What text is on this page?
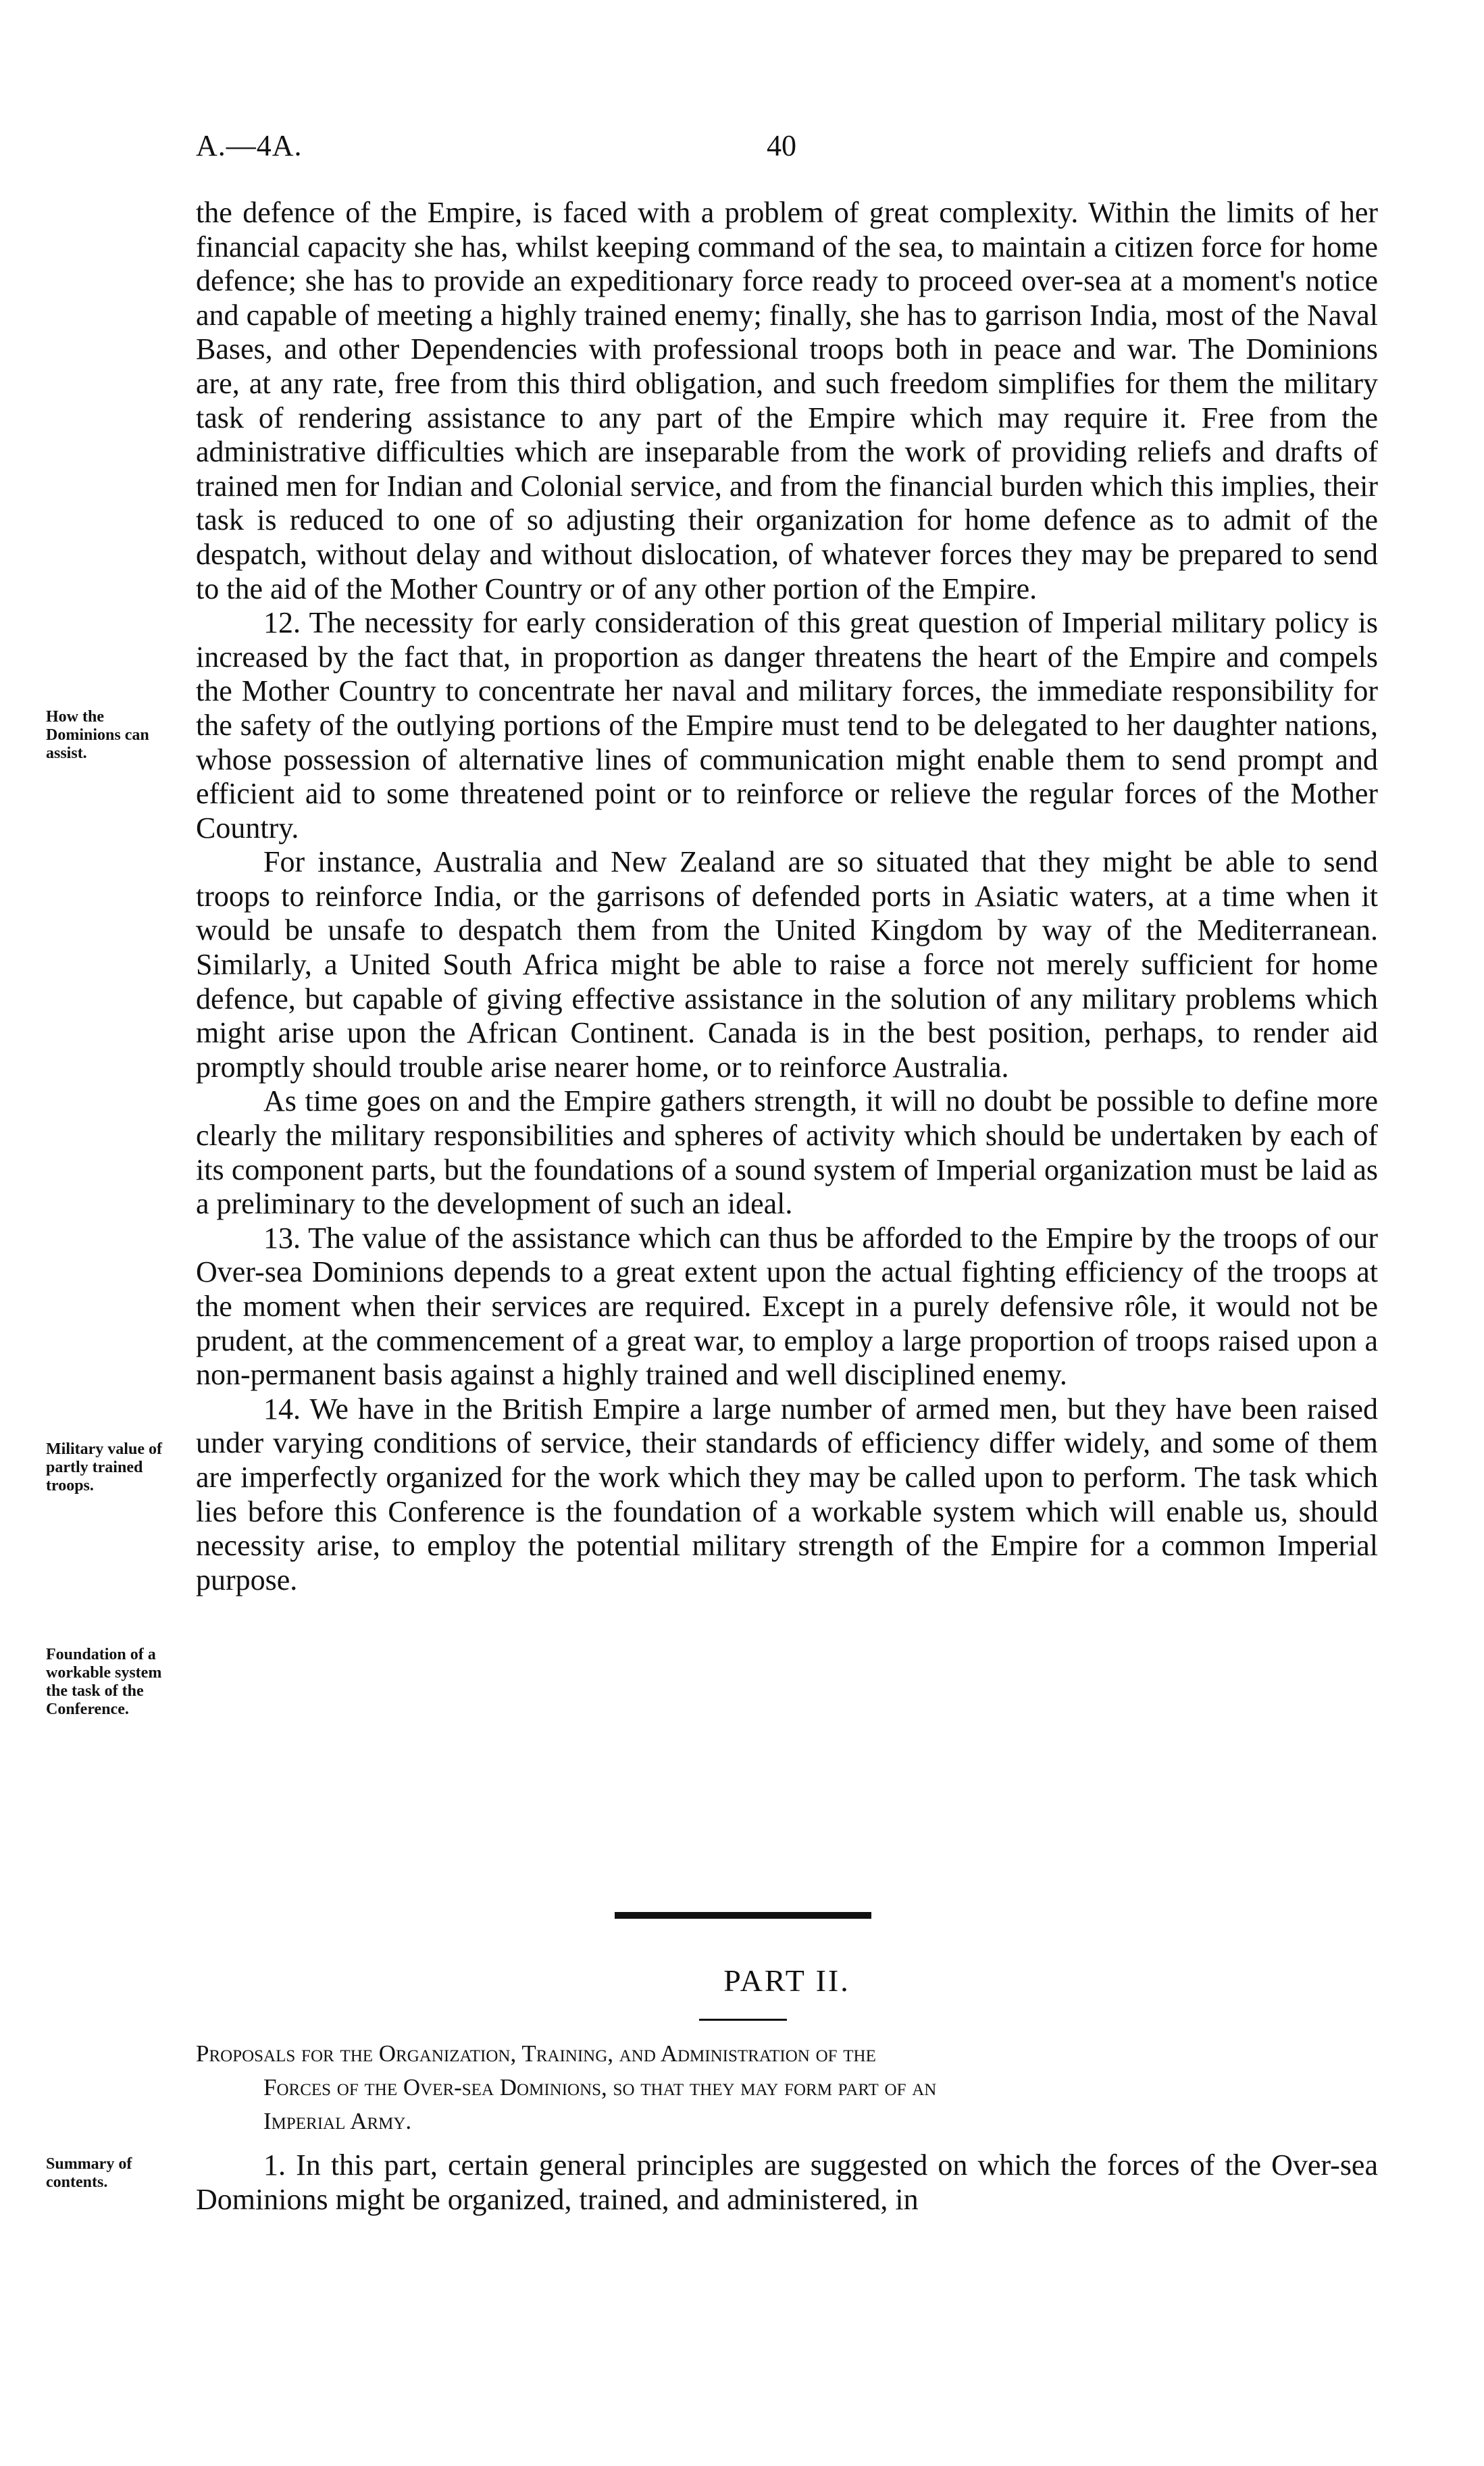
A.—4A.	40

the defence of the Empire, is faced with a problem of great complexity. Within the limits of her financial capacity she has, whilst keeping command of the sea, to maintain a citizen force for home defence; she has to provide an expeditionary force ready to proceed over-sea at a moment's notice and capable of meeting a highly trained enemy; finally, she has to garrison India, most of the Naval Bases, and other Dependencies with professional troops both in peace and war. The Dominions are, at any rate, free from this third obligation, and such freedom simplifies for them the military task of rendering assistance to any part of the Empire which may require it. Free from the administrative difficulties which are inseparable from the work of providing reliefs and drafts of trained men for Indian and Colonial service, and from the financial burden which this implies, their task is reduced to one of so adjusting their organization for home defence as to admit of the despatch, without delay and without dislocation, of whatever forces they may be prepared to send to the aid of the Mother Country or of any other portion of the Empire.

12. The necessity for early consideration of this great question of Imperial military policy is increased by the fact that, in proportion as danger threatens the heart of the Empire and compels the Mother Country to concentrate her naval and military forces, the immediate responsibility for the safety of the outlying portions of the Empire must tend to be delegated to her daughter nations, whose possession of alternative lines of communication might enable them to send prompt and efficient aid to some threatened point or to reinforce or relieve the regular forces of the Mother Country.

For instance, Australia and New Zealand are so situated that they might be able to send troops to reinforce India, or the garrisons of defended ports in Asiatic waters, at a time when it would be unsafe to despatch them from the United Kingdom by way of the Mediterranean. Similarly, a United South Africa might be able to raise a force not merely sufficient for home defence, but capable of giving effective assistance in the solution of any military problems which might arise upon the African Continent. Canada is in the best position, perhaps, to render aid promptly should trouble arise nearer home, or to reinforce Australia.

As time goes on and the Empire gathers strength, it will no doubt be possible to define more clearly the military responsibilities and spheres of activity which should be undertaken by each of its component parts, but the foundations of a sound system of Imperial organization must be laid as a preliminary to the development of such an ideal.

13. The value of the assistance which can thus be afforded to the Empire by the troops of our Over-sea Dominions depends to a great extent upon the actual fighting efficiency of the troops at the moment when their services are required. Except in a purely defensive rôle, it would not be prudent, at the commencement of a great war, to employ a large proportion of troops raised upon a non-permanent basis against a highly trained and well disciplined enemy.

14. We have in the British Empire a large number of armed men, but they have been raised under varying conditions of service, their standards of efficiency differ widely, and some of them are imperfectly organized for the work which they may be called upon to perform. The task which lies before this Conference is the foundation of a workable system which will enable us, should necessity arise, to employ the potential military strength of the Empire for a common Imperial purpose.

How the Dominions can assist.
Military value of partly trained troops.
Foundation of a workable system the task of the Conference.
Summary of contents.
PART II.
Proposals for the Organization, Training, and Administration of the
Forces of the Over-sea Dominions, so that they may form part of an
Imperial Army.

1. In this part, certain general principles are suggested on which the forces of the Over-sea Dominions might be organized, trained, and administered, in
